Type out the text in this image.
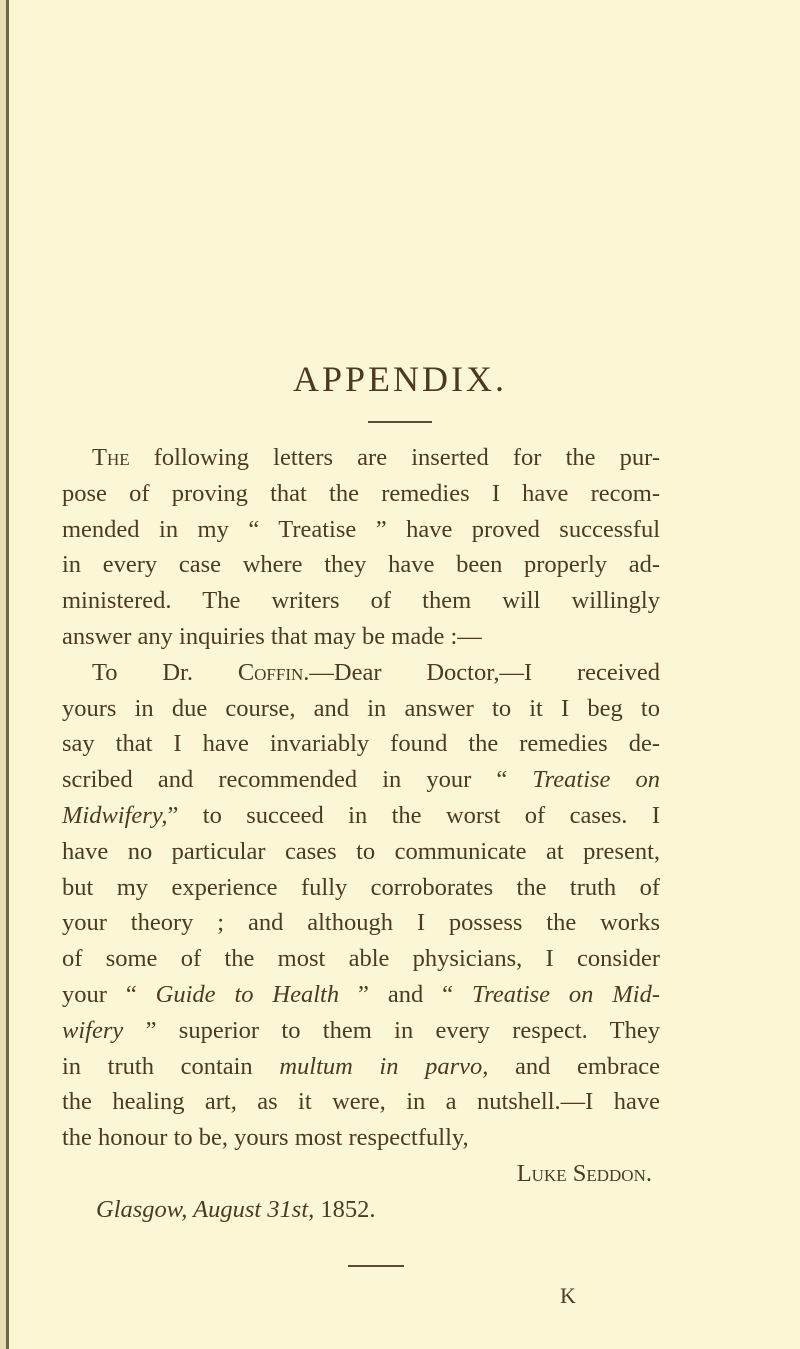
APPENDIX.
The following letters are inserted for the pur-
pose of proving that the remedies I have recom-
mended in my “ Treatise ” have proved successful
in every case where they have been properly ad-
ministered. The writers of them will willingly
answer any inquiries that may be made :—
To Dr. Coffin.—Dear Doctor,—I received
yours in due course, and in answer to it I beg to
say that I have invariably found the remedies de-
scribed and recommended in your “ Treatise on
Midwifery,” to succeed in the worst of cases. I
have no particular cases to communicate at present,
but my experience fully corroborates the truth of
your theory ; and although I possess the works
of some of the most able physicians, I consider
your “ Guide to Health ” and “ Treatise on Mid-
wifery ” superior to them in every respect. They
in truth contain multum in parvo, and embrace
the healing art, as it were, in a nutshell.—I have
the honour to be, yours most respectfully,
Luke Seddon.
Glasgow, August 31st, 1852.
K
